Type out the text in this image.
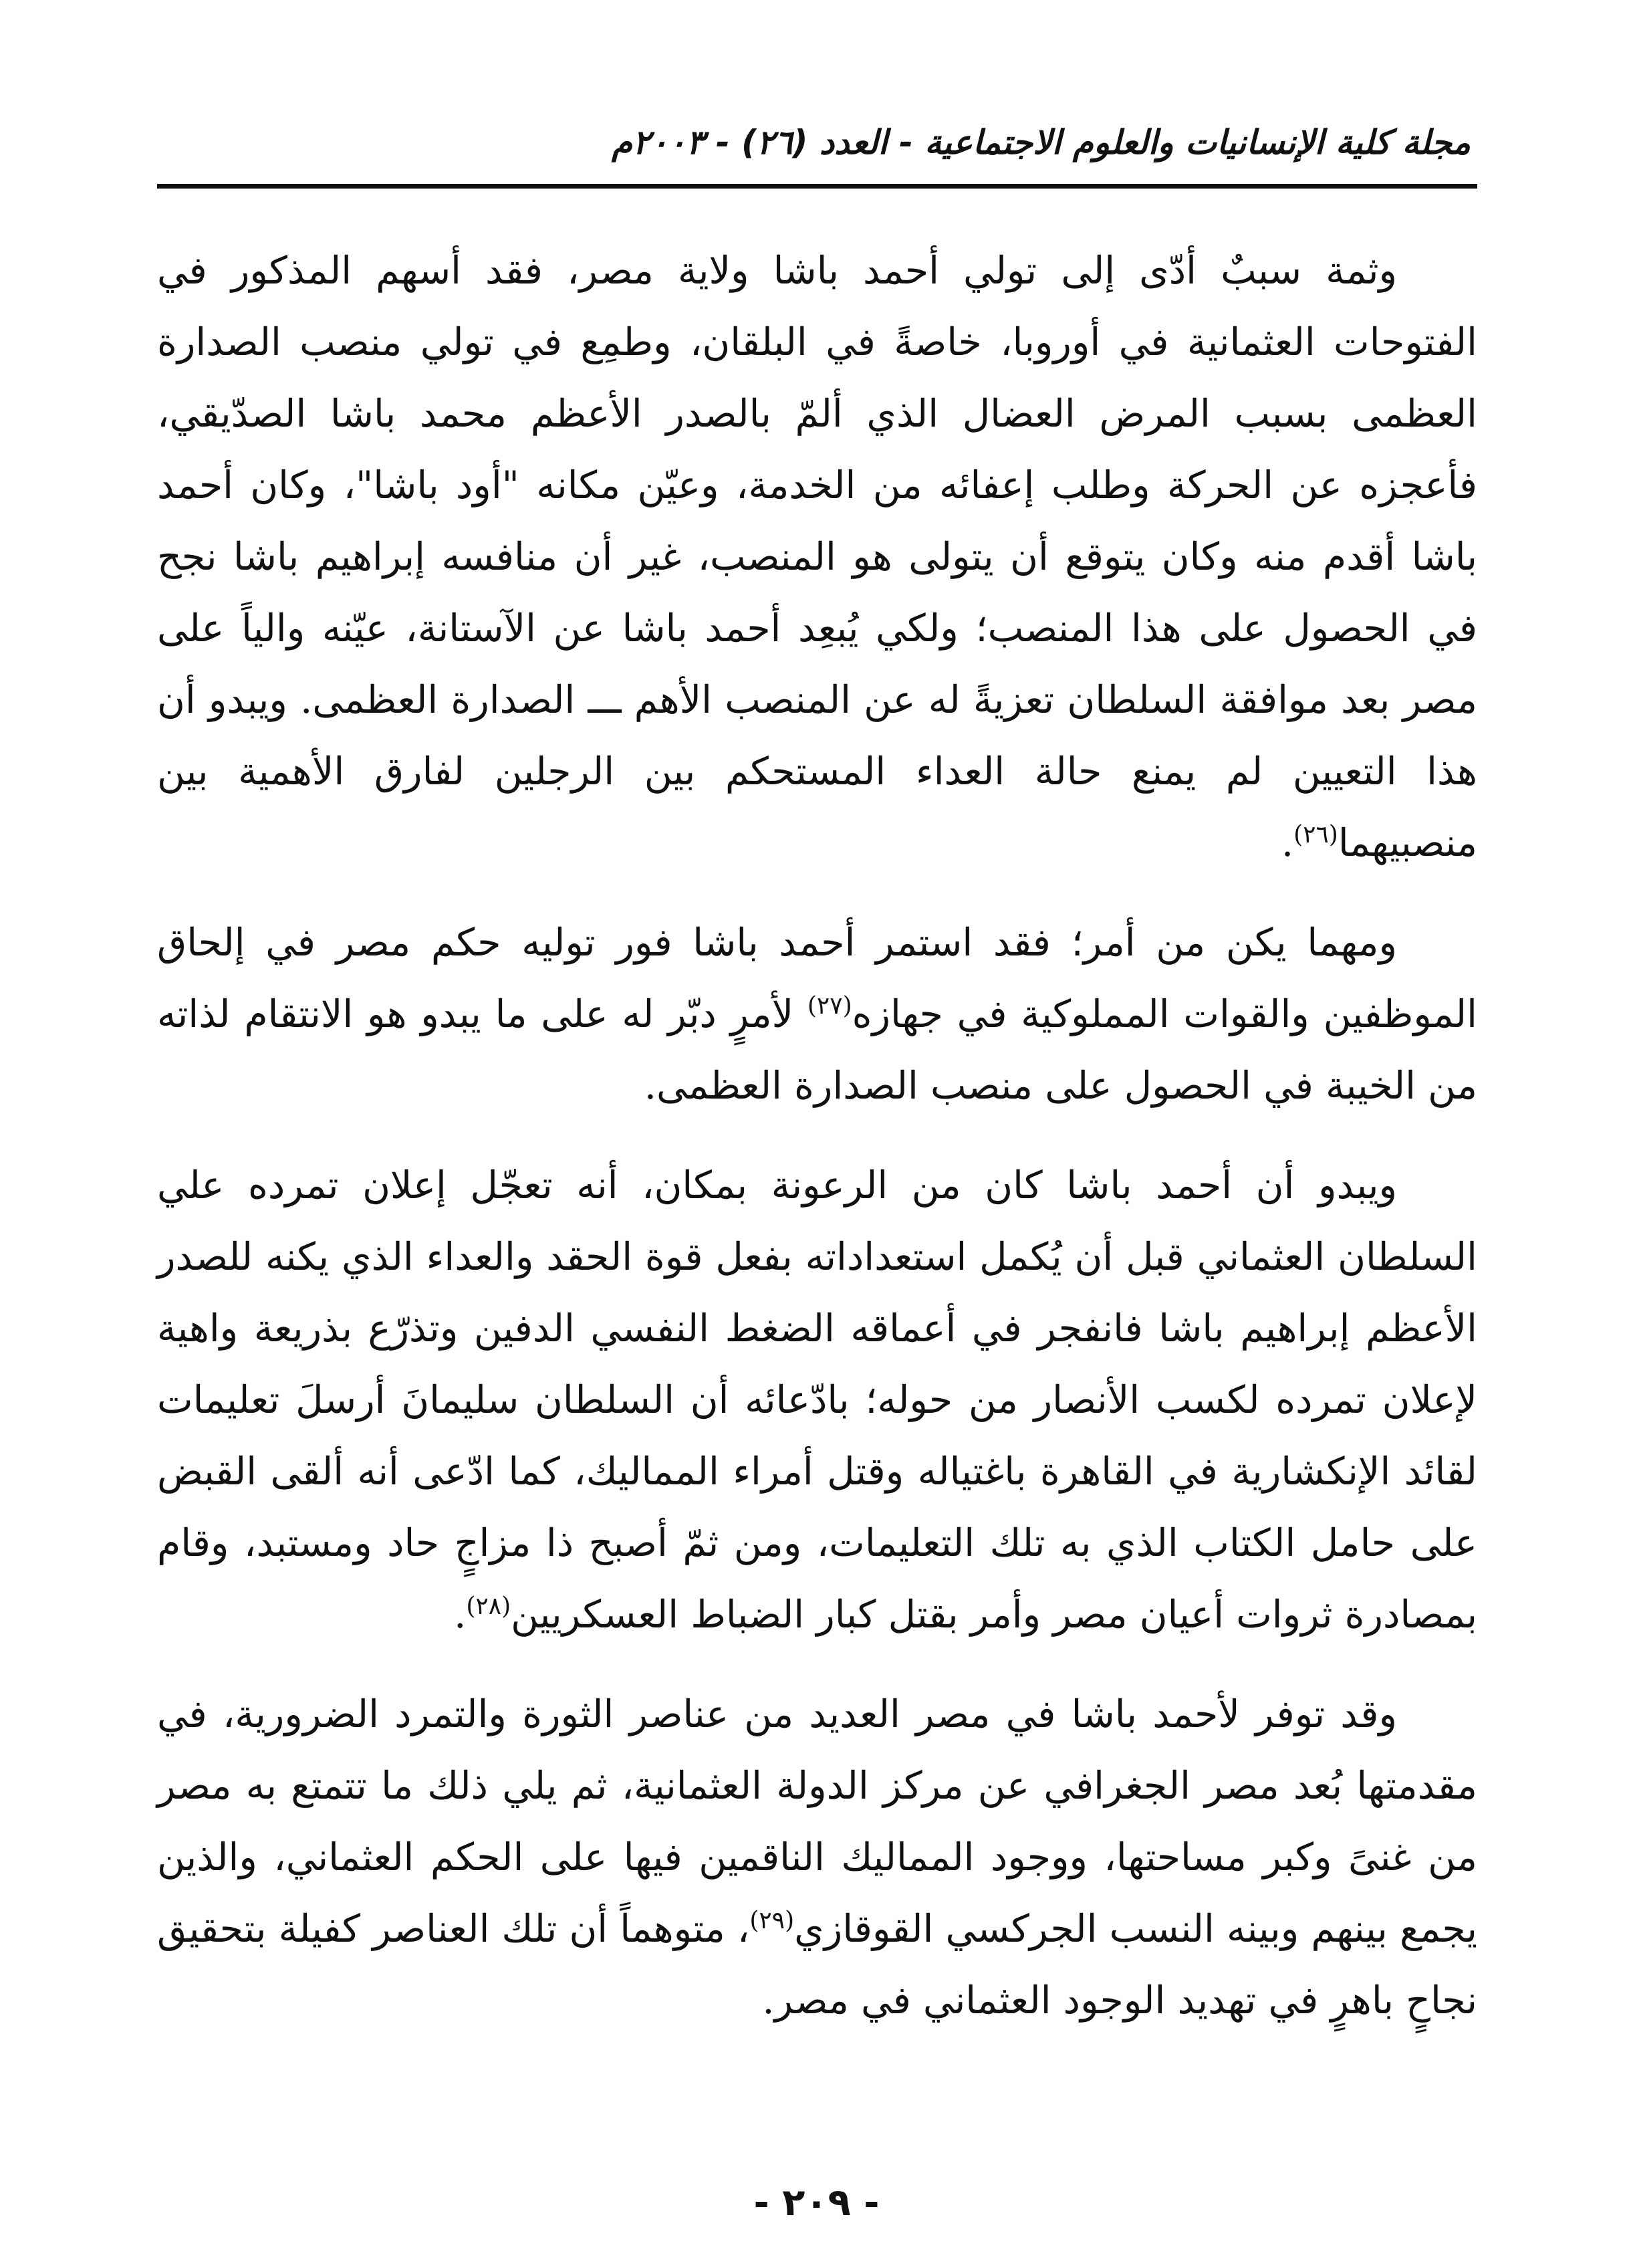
مجلة كلية الإنسانيات والعلوم الاجتماعية - العدد (٢٦) - ٢٠٠٣م

وثمة سببٌ أدّى إلى تولي أحمد باشا ولاية مصر، فقد أسهم المذكور في الفتوحات العثمانية في أوروبا، خاصةً في البلقان، وطمِع في تولي منصب الصدارة العظمى بسبب المرض العضال الذي ألمّ بالصدر الأعظم محمد باشا الصدّيقي، فأعجزه عن الحركة وطلب إعفائه من الخدمة، وعيّن مكانه "أود باشا"، وكان أحمد باشا أقدم منه وكان يتوقع أن يتولى هو المنصب، غير أن منافسه إبراهيم باشا نجح في الحصول على هذا المنصب؛ ولكي يُبعِد أحمد باشا عن الآستانة، عيّنه والياً على مصر بعد موافقة السلطان تعزيةً له عن المنصب الأهم ـــ الصدارة العظمى. ويبدو أن هذا التعيين لم يمنع حالة العداء المستحكم بين الرجلين لفارق الأهمية بين منصبيهما$^{(٢٦)}$.

ومهما يكن من أمر؛ فقد استمر أحمد باشا فور توليه حكم مصر في إلحاق الموظفين والقوات المملوكية في جهازه$^{(٢٧)}$ لأمرٍ دبّر له على ما يبدو هو الانتقام لذاته من الخيبة في الحصول على منصب الصدارة العظمى.

ويبدو أن أحمد باشا كان من الرعونة بمكان، أنه تعجّل إعلان تمرده علي السلطان العثماني قبل أن يُكمل استعداداته بفعل قوة الحقد والعداء الذي يكنه للصدر الأعظم إبراهيم باشا فانفجر في أعماقه الضغط النفسي الدفين وتذرّع بذريعة واهية لإعلان تمرده لكسب الأنصار من حوله؛ بادّعائه أن السلطان سليمانَ أرسلَ تعليمات لقائد الإنكشارية في القاهرة باغتياله وقتل أمراء المماليك، كما ادّعى أنه ألقى القبض على حامل الكتاب الذي به تلك التعليمات، ومن ثمّ أصبح ذا مزاجٍ حاد ومستبد، وقام بمصادرة ثروات أعيان مصر وأمر بقتل كبار الضباط العسكريين$^{(٢٨)}$.

وقد توفر لأحمد باشا في مصر العديد من عناصر الثورة والتمرد الضرورية، في مقدمتها بُعد مصر الجغرافي عن مركز الدولة العثمانية، ثم يلي ذلك ما تتمتع به مصر من غنىً وكبر مساحتها، ووجود المماليك الناقمين فيها على الحكم العثماني، والذين يجمع بينهم وبينه النسب الجركسي القوقازي$^{(٢٩)}$، متوهماً أن تلك العناصر كفيلة بتحقيق نجاحٍ باهرٍ في تهديد الوجود العثماني في مصر.

- ٢٠٩ -
